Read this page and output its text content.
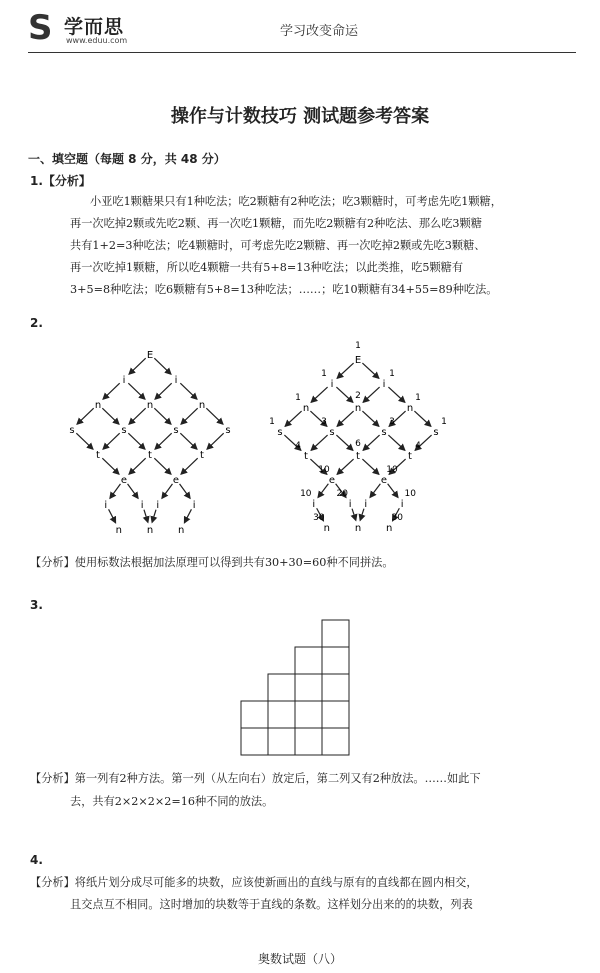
S 学而思
www.eduu.com
学习改变命运
操作与计数技巧 测试题参考答案
一、填空题（每题 8 分，共 48 分）
1.【分析】
小亚吃1颗糖果只有1种吃法；吃2颗糖有2种吃法；吃3颗糖时，可考虑先吃1颗糖，
再一次吃掉2颗或先吃2颗、再一次吃1颗糖，而先吃2颗糖有2种吃法、那么吃3颗糖
共有1+2=3种吃法；吃4颗糖时，可考虑先吃2颗糖、再一次吃掉2颗或先吃3颗糖、
再一次吃掉1颗糖，所以吃4颗糖一共有5+8=13种吃法；以此类推，吃5颗糖有
3+5=8种吃法；吃6颗糖有5+8=13种吃法；……；吃10颗糖有34+55=89种吃法。
2.
E
i	i
n	n	n
s	s	s	s
t	t	t
e	e
i	i i	i
n n n
E
1
i
1
i
1
n
1
n
2
n
1
s
1
s
3
s
3
s
1
t
4
t
6
t
4
e
10
e
10
i
10
i
20
i	i
10
n
30
n n
30
【分析】使用标数法根据加法原理可以得到共有30+30=60种不同拼法。
3.
【分析】第一列有2种方法。第一列（从左向右）放定后，第二列又有2种放法。……如此下
去，共有2×2×2×2=16种不同的放法。
4.
【分析】将纸片划分成尽可能多的块数，应该使新画出的直线与原有的直线都在圆内相交，
且交点互不相同。这时增加的块数等于直线的条数。这样划分出来的的块数，列表
奥数试题（八）
